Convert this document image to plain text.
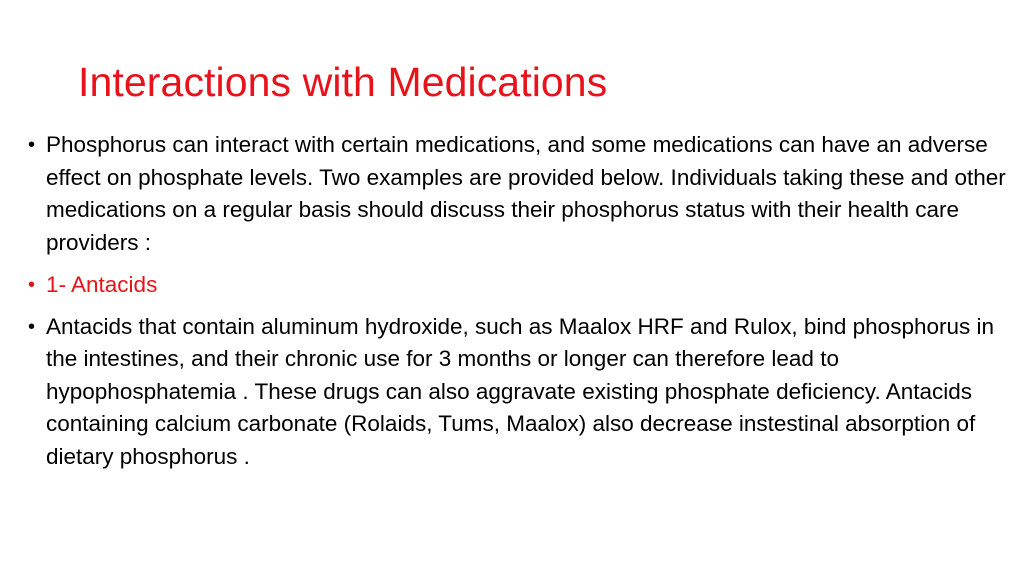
Interactions with Medications
• Phosphorus can interact with certain medications, and some medications can have an adverse effect on phosphate levels. Two examples are provided below. Individuals taking these and other medications on a regular basis should discuss their phosphorus status with their health care providers :
• 1- Antacids
• Antacids that contain aluminum hydroxide, such as Maalox HRF and Rulox, bind phosphorus in the intestines, and their chronic use for 3 months or longer can therefore lead to hypophosphatemia . These drugs can also aggravate existing phosphate deficiency. Antacids containing calcium carbonate (Rolaids, Tums, Maalox) also decrease instestinal absorption of dietary phosphorus .
